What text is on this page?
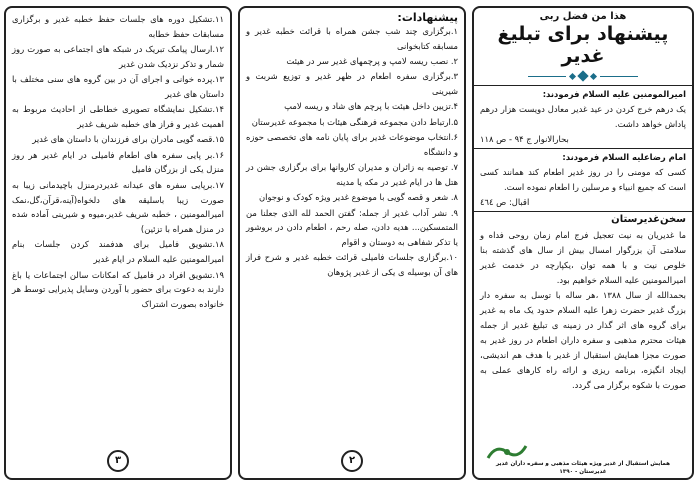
هذا من فضل ربی
پیشنهاد برای تبلیغ غدیر
امیرالمومنین علیه السلام فرمودند:
یک درهم خرج کردن در عید غدیر معادل دویست هزار درهم پاداش خواهد داشت.
بحارالانوار ج ۹۴ - ص ۱۱۸
امام رضاعلیه السلام فرمودند:
کسی که مومنی را در روز غدیر اطعام کند همانند کسی است که جمیع انبیاء و مرسلین را اطعام نموده است.
اقبال: ص ٤٦٤
سخن‌غدیرستان
ما غدیریان به نیت تعجیل فرج امام زمان روحی فداه و سلامتی آن بزرگوار امسال بیش از سال های گذشته بنا خلوص نیت و با همه توان ،یکپارچه در خدمت غدیر امیرالمومنین علیه السلام خواهیم بود.
بحمدالله از سال ۱۳۸۸ ،هر ساله با توسل به سفره دار بزرگ غدیر حضرت زهرا علیه السلام حدود یک ماه به غدیر برای گروه های اثر گذار در زمینه ی تبلیغ غدیر از جمله هیئات محترم مذهبی و سفره داران اطعام در روز غدیر به صورت مجزا همایش استقبال از غدیر با هدف هم اندیشی، ایجاد انگیزه، برنامه ریزی و ارائه راه کارهای عملی به صورت با شکوه برگزار می گردد.
همایش استقبال از غدیر ویژه هیئات مذهبی و سفره داران غدیر
غدیرستان - ۱۳۹۰
پیشنهادات:
۱.برگزاری چند شب جشن همراه با قرائت خطبه غدیر و مسابقه کتابخوانی
۲. نصب ریسه لامپ و پرچمهای غدیر سر در هیئت
۳.برگزاری سفره اطعام در ظهر غدیر و توزیع شربت و شیرینی
۴.تزیین داخل هیئت با پرچم های شاد و ریسه لامپ
۵.ارتباط دادن مجموعه فرهنگی هیئات با مجموعه غدیرستان
۶.انتخاب موضوعات غدیر برای پایان نامه های تخصصی حوزه و دانشگاه
۷. توصیه به زائران و مدیران کاروانها برای برگزاری جشن در هتل ها در ایام غدیر در مکه یا مدینه
۸. شعر و قصه گویی با موضوع غدیر ویژه کودک و نوجوان
۹. نشر آداب غدیر از جمله: گفتن الحمد لله الذی جعلنا من المتمسکین... هدیه دادن، صله رحم ، اطعام دادن در بروشور یا تذکر شفاهی به دوستان و اقوام
۱۰.برگزاری جلسات فامیلی قرائت خطبه غدیر و شرح فراز های آن بوسیله ی یکی از غدیر پژوهان
۲
۱۱.تشکیل دوره های جلسات حفظ خطبه غدیر و برگزاری مسابقات حفظ خطابه
۱۲.ارسال پیامک تبریک در شبکه های اجتماعی به صورت روز شمار و تذکر نزدیک شدن غدیر
۱۳.پرده خوانی و اجرای آن در بین گروه های سنی مختلف با داستان های غدیر
۱۴.تشکیل نمایشگاه تصویری خطاطی از احادیث مربوط به اهمیت غدیر و فراز های خطبه شریف غدیر
۱۵.قصه گویی مادران برای فرزندان با داستان های غدیر
۱۶.بر پایی سفره های اطعام فامیلی در ایام غدیر هر روز منزل یکی از بزرگان فامیل
۱۷.برپایی سفره های عیدانه غدیردرمنزل باچیدمانی زیبا به صورت زیبا باسلیقه های دلخواه(آینه،قرآن،گل،نمک امیرالمومنین ، خطبه شریف غدیر،میوه و شیرینی آماده شده در منزل همراه با تزئین)
۱۸.تشویق فامیل برای هدفمند کردن جلسات بنام امیرالمومنین علیه السلام در ایام غدیر
۱۹.تشویق افراد در فامیل که امکانات سالن اجتماعات یا باغ دارند به دعوت برای حضور با آوردن وسایل پذیرایی توسط هر خانواده بصورت اشتراک
۳
